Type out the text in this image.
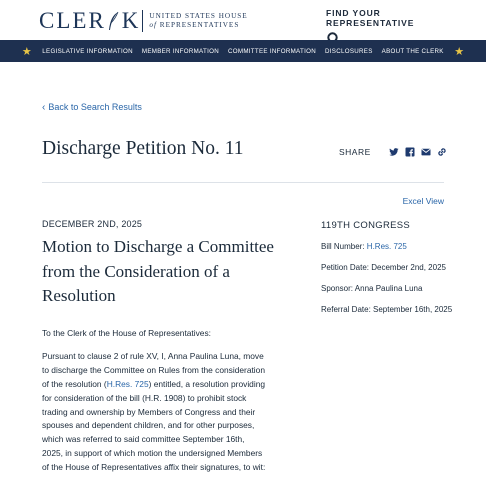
CLER K UNITED STATES HOUSE
of REPRESENTATIVES
FIND YOUR REPRESENTATIVE
★ LEGISLATIVE INFORMATION MEMBER INFORMATION COMMITTEE INFORMATION DISCLOSURES ABOUT THE CLERK ★
‹ Back to Search Results
Discharge Petition No. 11	SHARE
Excel View
DECEMBER 2ND, 2025
Motion to Discharge a Committee from the Consideration of a Resolution
119TH CONGRESS
Bill Number: H.Res. 725
Petition Date: December 2nd, 2025
Sponsor: Anna Paulina Luna
Referral Date: September 16th, 2025

To the Clerk of the House of Representatives:

Pursuant to clause 2 of rule XV, I, Anna Paulina Luna, move to discharge the Committee on Rules from the consideration of the resolution (H.Res. 725) entitled, a resolution providing for consideration of the bill (H.R. 1908) to prohibit stock trading and ownership by Members of Congress and their spouses and dependent children, and for other purposes, which was referred to said committee September 16th, 2025, in support of which motion the undersigned Members of the House of Representatives affix their signatures, to wit:
